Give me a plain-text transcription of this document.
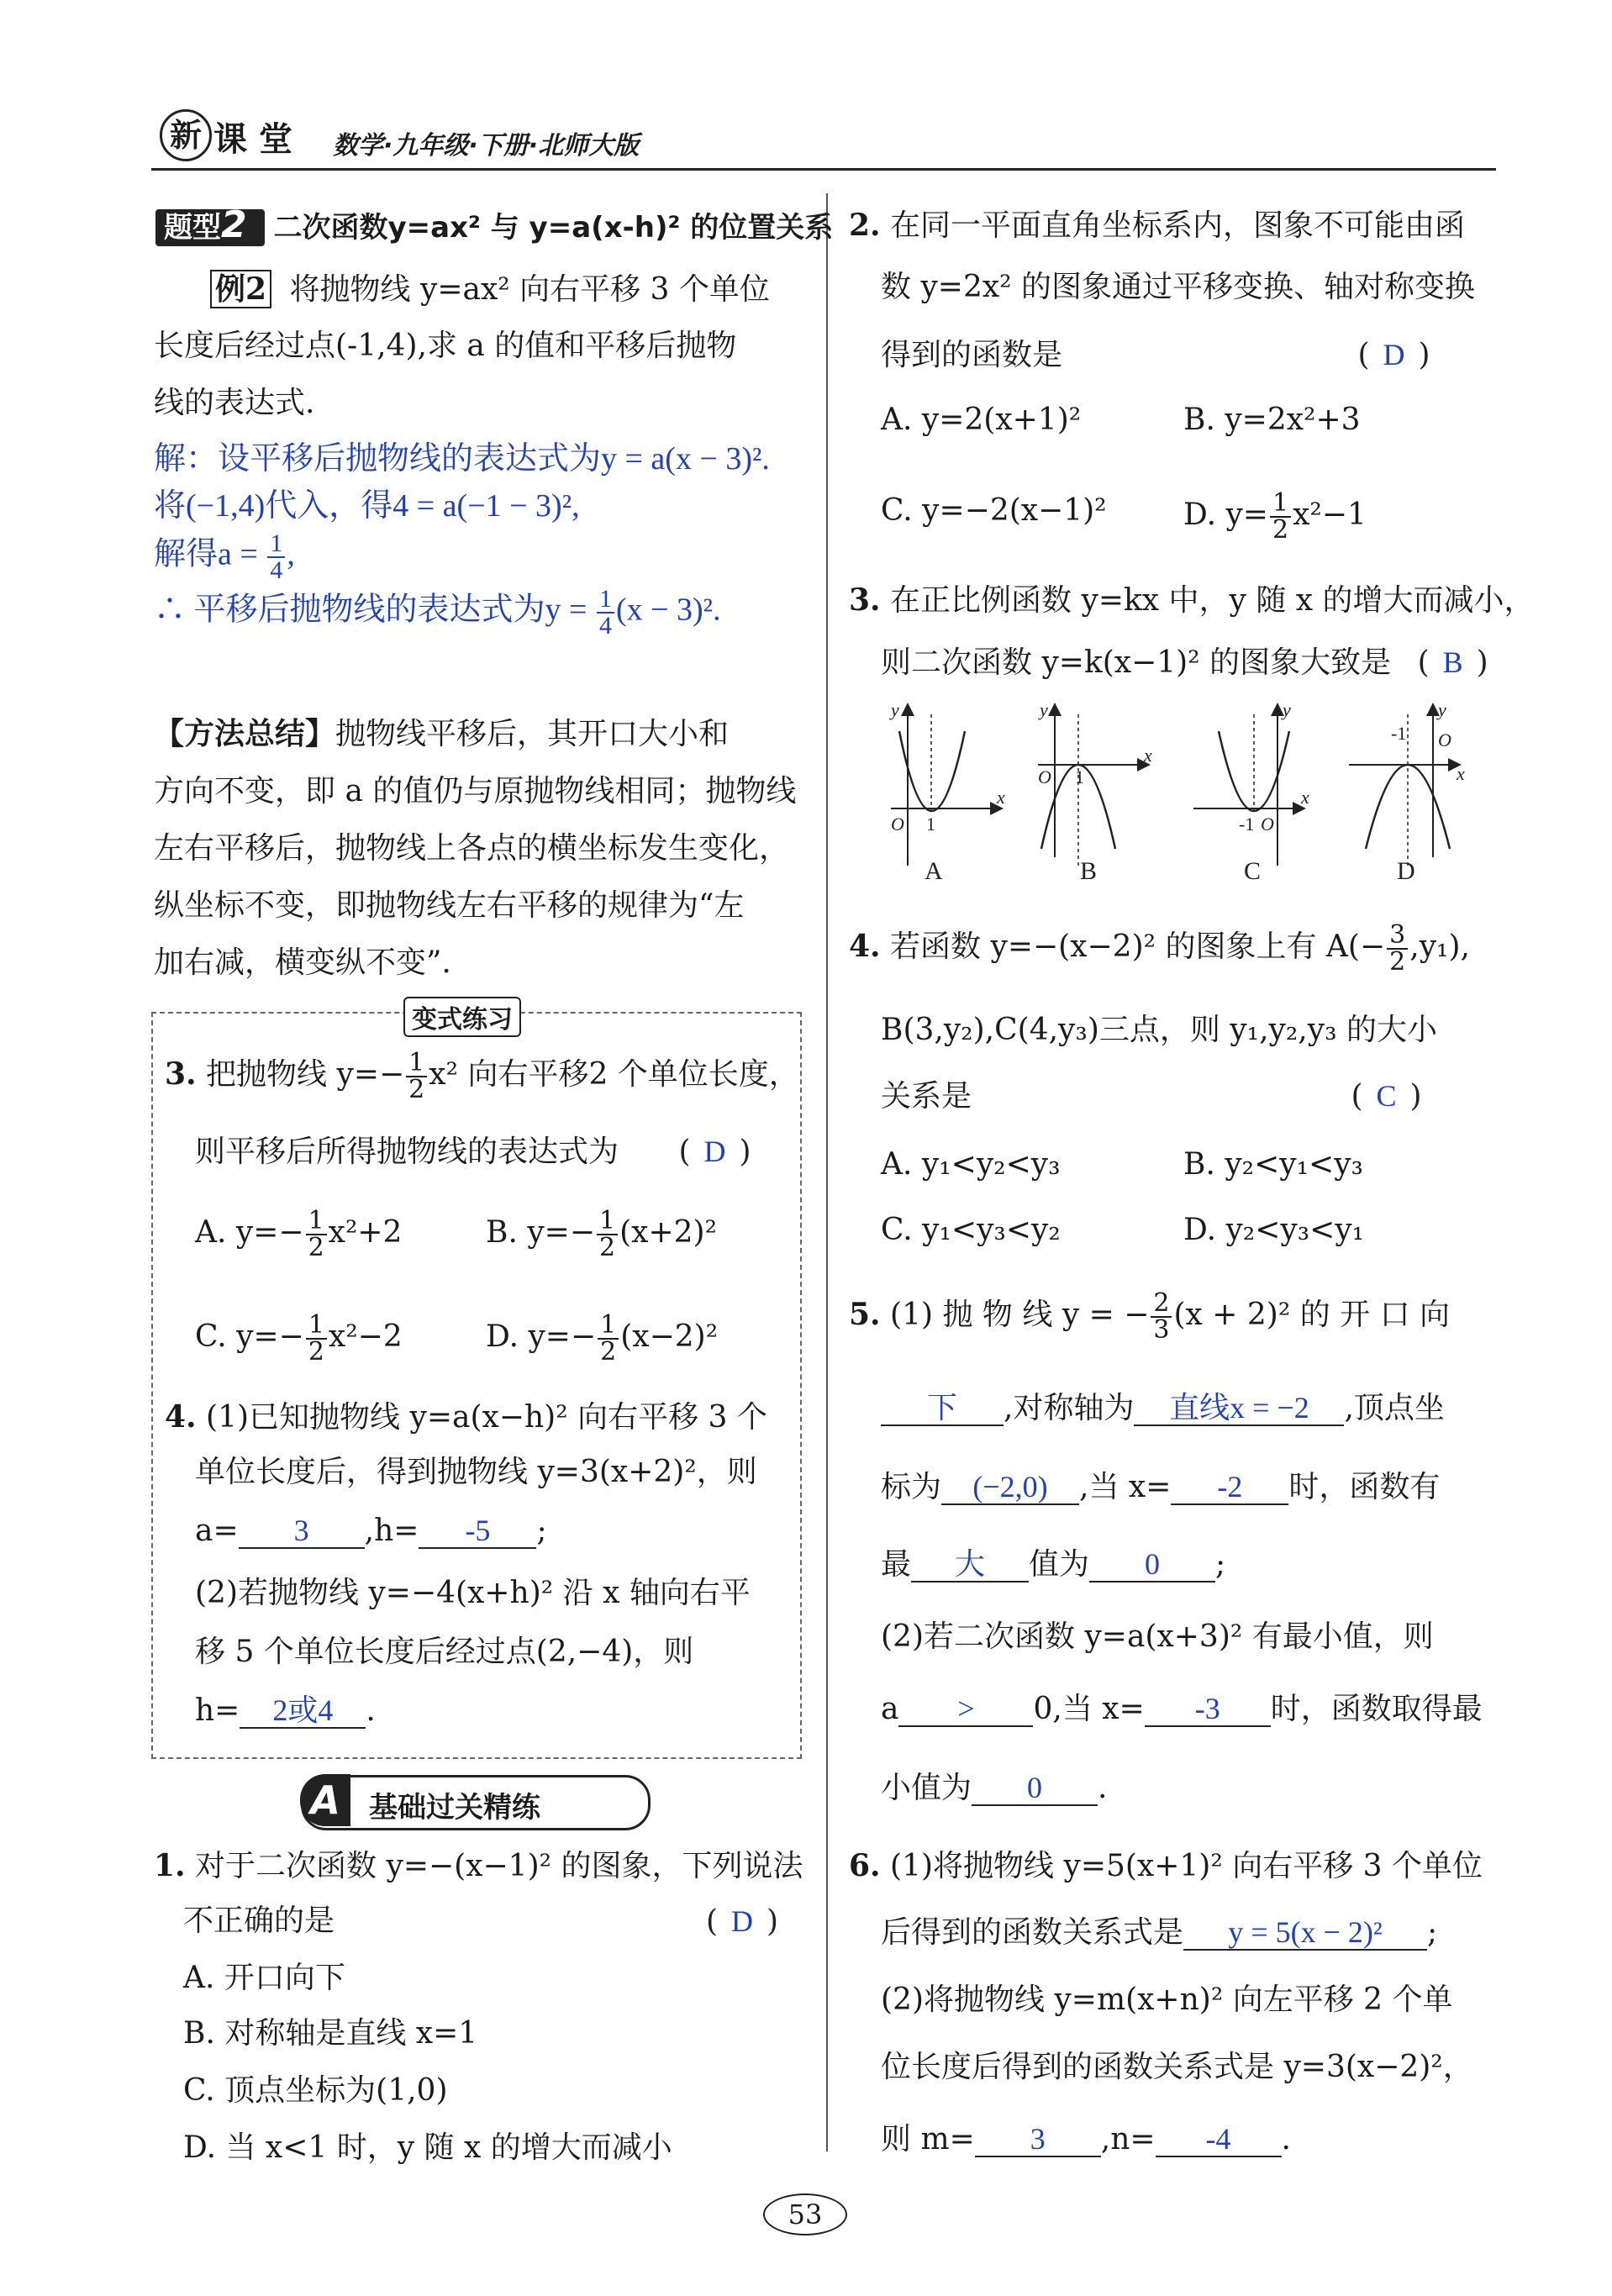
新 课 堂 数学·九年级·下册·北师大版
题型2 二次函数y=ax² 与 y=a(x-h)² 的位置关系
例2 将抛物线 y=ax² 向右平移 3 个单位
长度后经过点(-1,4),求 a 的值和平移后抛物
线的表达式.
解：设平移后抛物线的表达式为y = a(x − 3)².
将(−1,4)代入，得4 = a(−1 − 3)²,
解得$a = \frac{1}{4}$ ,
∴ 平移后抛物线的表达式为$y = \frac{1}{4} (x - 3)^2$.
【方法总结】抛物线平移后，其开口大小和
方向不变，即 a 的值仍与原抛物线相同；抛物线
左右平移后，抛物线上各点的横坐标发生变化，
纵坐标不变，即抛物线左右平移的规律为“左
加右减，横变纵不变”.
变式练习
3. 把抛物线 $y=- \frac{1}{2} x^2$ 向右平移2 个单位长度，
则平移后所得抛物线的表达式为 ( D )
A. $y=- \frac{1}{2} x^2+2$	B. $y=- \frac{1}{2} (x+2)^2$
C. $y=- \frac{1}{2} x^2-2$	D. $y=- \frac{1}{2} (x-2)^2$
4. (1)已知抛物线 y=a(x−h)² 向右平移 3 个
单位长度后，得到抛物线 y=3(x+2)²，则
a= 3 ,h= -5 ;
(2)若抛物线 y=−4(x+h)² 沿 x 轴向右平
移 5 个单位长度后经过点(2,−4)，则
h= 2或4 .
A	基础过关精练
1. 对于二次函数 y=−(x−1)² 的图象，下列说法
不正确的是	( D )
A. 开口向下
B. 对称轴是直线 x=1
C. 顶点坐标为(1,0)
D. 当 x<1 时，y 随 x 的增大而减小
2. 在同一平面直角坐标系内，图象不可能由函
数 y=2x² 的图象通过平移变换、轴对称变换
得到的函数是	( D )
A. y=2(x+1)²	B. y=2x²+3
C. y=−2(x−1)²	D. $y= \frac{1}{2} x^2-1$
3. 在正比例函数 y=kx 中，y 随 x 的增大而减小，
则二次函数 y=k(x−1)² 的图象大致是 ( B )
y
x
O 1
y
x
O 1
y
x
O
-1
y
x
O
-1
A	B	C	D
4. 若函数 y=−(x−2)² 的图象上有 $A(- \frac{3}{2} ,y_1)$,
B(3,y₂),C(4,y₃)三点，则 y₁,y₂,y₃ 的大小
关系是	( C )
A. y₁<y₂<y₃	B. y₂<y₁<y₃
C. y₁<y₃<y₂	D. y₂<y₃<y₁
5. (1) 抛 物 线 y = − $\frac{2}{3} (x + 2)^2$ 的 开 口 向
下 ,对称轴为 直线x = −2 ,顶点坐
标为 (−2,0) ,当 x= -2 时，函数有
最 大 值为 0 ;
(2)若二次函数 y=a(x+3)² 有最小值，则
a > 0,当 x= -3 时，函数取得最
小值为 0 .
6. (1)将抛物线 y=5(x+1)² 向右平移 3 个单位
后得到的函数关系式是 y = 5(x − 2)² ;
(2)将抛物线 y=m(x+n)² 向左平移 2 个单
位长度后得到的函数关系式是 y=3(x−2)²，
则 m= 3 ,n= -4 .
53
